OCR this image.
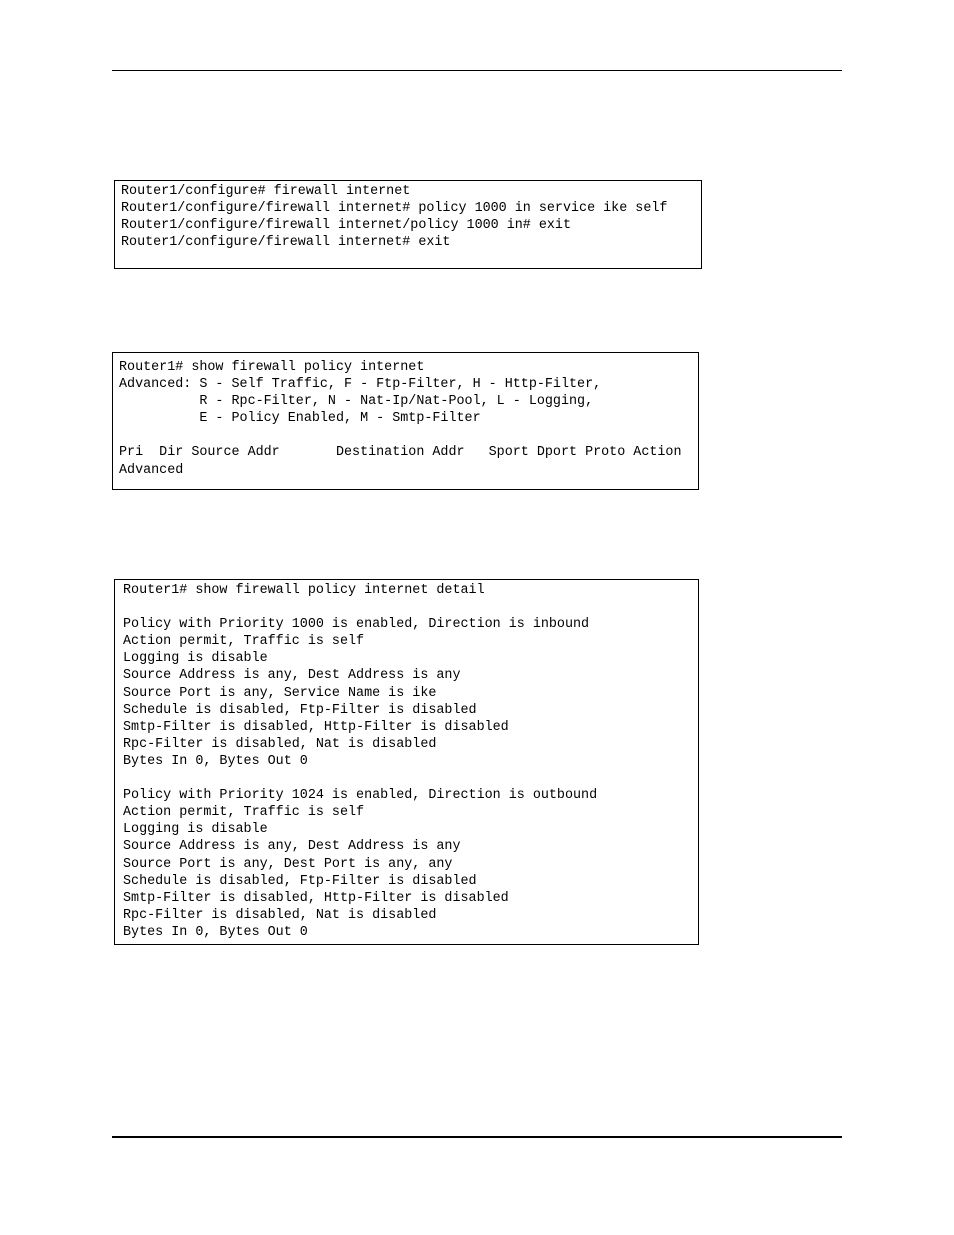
Router1/configure# firewall internet
Router1/configure/firewall internet# policy 1000 in service ike self
Router1/configure/firewall internet/policy 1000 in# exit
Router1/configure/firewall internet# exit
Router1# show firewall policy internet
Advanced: S - Self Traffic, F - Ftp-Filter, H - Http-Filter,
R - Rpc-Filter, N - Nat-Ip/Nat-Pool, L - Logging,
E - Policy Enabled, M - Smtp-Filter
Pri  Dir Source Addr       Destination Addr   Sport Dport Proto Action
Advanced
Router1# show firewall policy internet detail
Policy with Priority 1000 is enabled, Direction is inbound
Action permit, Traffic is self
Logging is disable
Source Address is any, Dest Address is any
Source Port is any, Service Name is ike
Schedule is disabled, Ftp-Filter is disabled
Smtp-Filter is disabled, Http-Filter is disabled
Rpc-Filter is disabled, Nat is disabled
Bytes In 0, Bytes Out 0
Policy with Priority 1024 is enabled, Direction is outbound
Action permit, Traffic is self
Logging is disable
Source Address is any, Dest Address is any
Source Port is any, Dest Port is any, any
Schedule is disabled, Ftp-Filter is disabled
Smtp-Filter is disabled, Http-Filter is disabled
Rpc-Filter is disabled, Nat is disabled
Bytes In 0, Bytes Out 0
